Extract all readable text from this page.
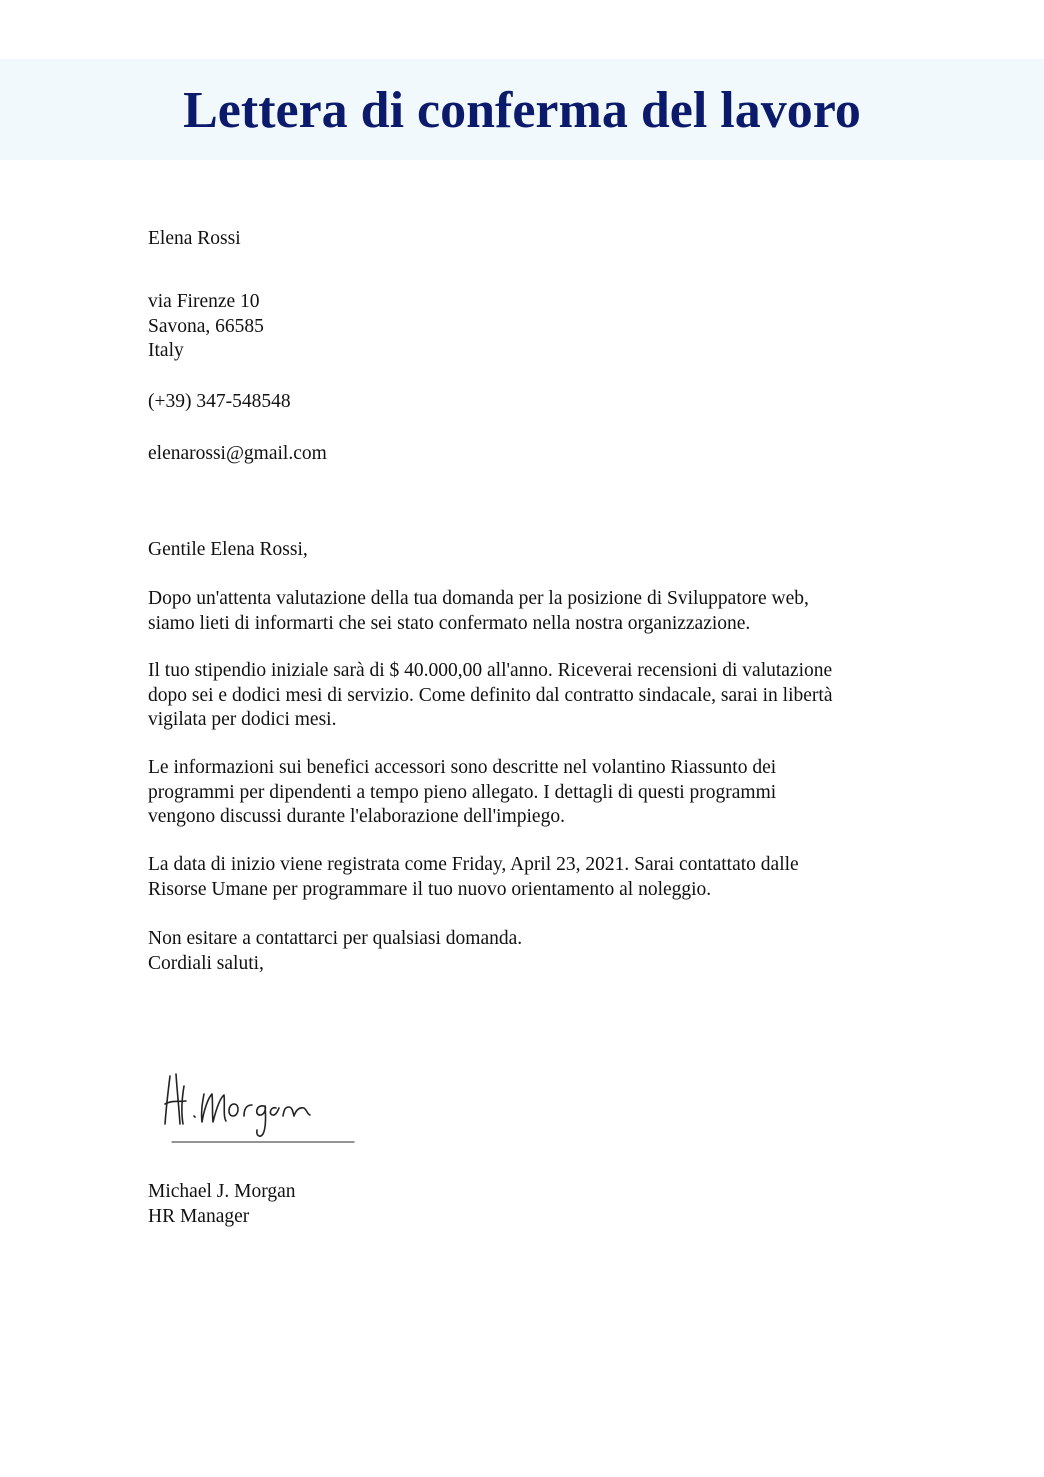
Lettera di conferma del lavoro
Elena Rossi
via Firenze 10
Savona, 66585
Italy
(+39) 347-548548
elenarossi@gmail.com
Gentile Elena Rossi,
Dopo un'attenta valutazione della tua domanda per la posizione di Sviluppatore web,
siamo lieti di informarti che sei stato confermato nella nostra organizzazione.
Il tuo stipendio iniziale sarà di $ 40.000,00 all'anno. Riceverai recensioni di valutazione
dopo sei e dodici mesi di servizio. Come definito dal contratto sindacale, sarai in libertà
vigilata per dodici mesi.
Le informazioni sui benefici accessori sono descritte nel volantino Riassunto dei
programmi per dipendenti a tempo pieno allegato. I dettagli di questi programmi
vengono discussi durante l'elaborazione dell'impiego.
La data di inizio viene registrata come Friday, April 23, 2021. Sarai contattato dalle
Risorse Umane per programmare il tuo nuovo orientamento al noleggio.
Non esitare a contattarci per qualsiasi domanda.
Cordiali saluti,
Michael J. Morgan
HR Manager
